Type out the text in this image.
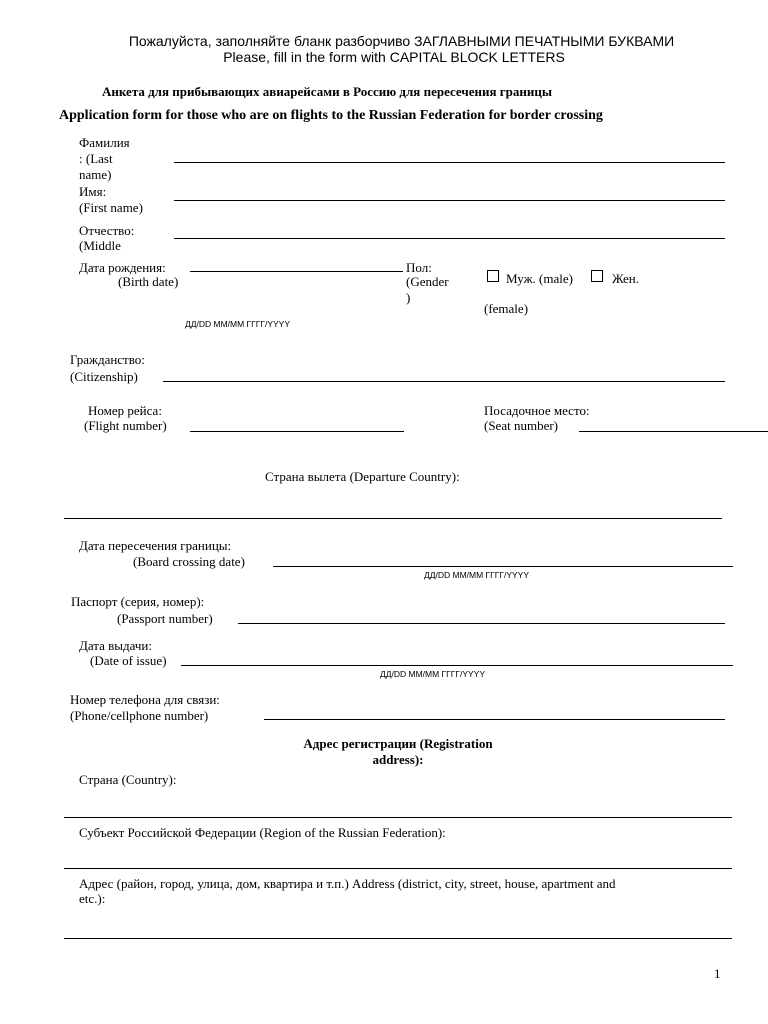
Пожалуйста, заполняйте бланк разборчиво ЗАГЛАВНЫМИ ПЕЧАТНЫМИ БУКВАМИ
Please, fill in the form with CAPITAL BLOCK LETTERS
Анкета для прибывающих авиарейсами в Россию для пересечения границы
Application form for those who are on flights to the Russian Federation for border crossing
Фамилия
: (Last
name)
Имя:
(First name)
Отчество:
(Middle
Дата рождения:
(Birth date)
ДД/DD ММ/MM ГГГГ/YYYY
Пол:
(Gender
)
Муж. (male)	Жен.
(female)
Гражданство:
(Citizenship)
Номер рейса:
(Flight number)
Посадочное место:
(Seat number)
Страна вылета (Departure Country):
Дата пересечения границы:
(Board crossing date)
ДД/DD ММ/MM ГГГГ/YYYY
Паспорт (серия, номер):
(Passport number)
Дата выдачи:
(Date of issue)
ДД/DD ММ/MM ГГГГ/YYYY
Номер телефона для связи:
(Phone/cellphone number)
Адрес регистрации (Registration
address):
Страна (Country):
Субъект Российской Федерации (Region of the Russian Federation):
Адрес (район, город, улица, дом, квартира и т.п.) Address (district, city, street, house, apartment and
etc.):
1
